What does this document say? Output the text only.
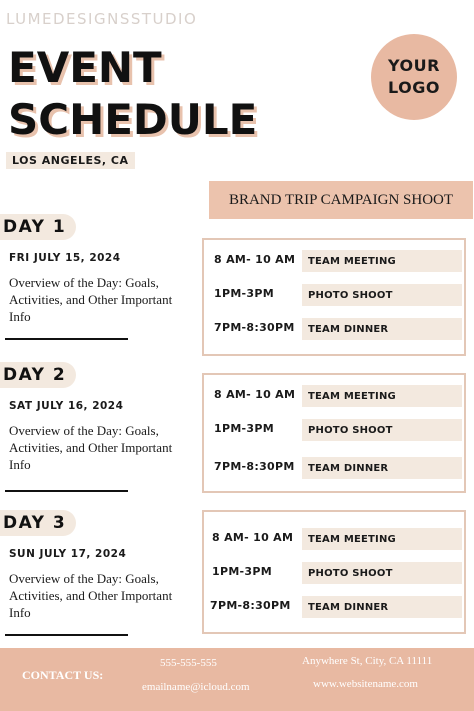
LUMEDESIGNSSTUDIO
EVENT
SCHEDULE
LOS ANGELES, CA
YOUR
LOGO
BRAND TRIP CAMPAIGN SHOOT
DAY 1
FRI JULY 15, 2024
Overview of the Day: Goals, Activities, and Other Important Info
8 AM- 10 AM	TEAM MEETING
1PM-3PM	PHOTO SHOOT
7PM-8:30PM	TEAM DINNER
DAY 2
SAT JULY 16, 2024
Overview of the Day: Goals, Activities, and Other Important Info
8 AM- 10 AM	TEAM MEETING
1PM-3PM	PHOTO SHOOT
7PM-8:30PM	TEAM DINNER
DAY 3
SUN JULY 17, 2024
Overview of the Day: Goals, Activities, and Other Important Info
8 AM- 10 AM	TEAM MEETING
1PM-3PM	PHOTO SHOOT
7PM-8:30PM	TEAM DINNER
CONTACT US:
555-555-555
emailname@icloud.com
Anywhere St, City, CA 11111
www.websitename.com
